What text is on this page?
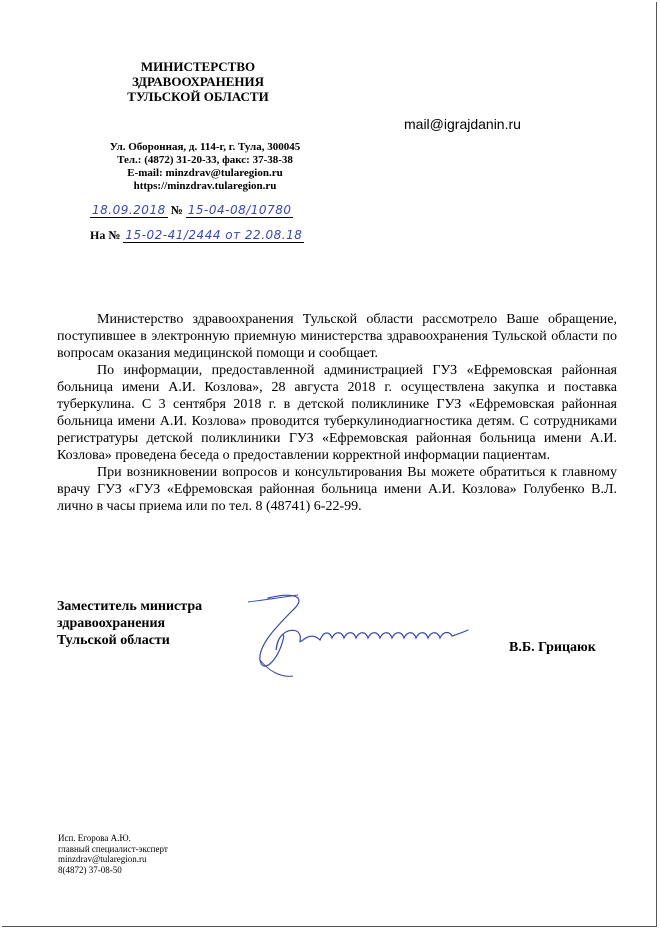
МИНИСТЕРСТВО
ЗДРАВООХРАНЕНИЯ
ТУЛЬСКОЙ ОБЛАСТИ
Ул. Оборонная, д. 114-г, г. Тула, 300045
Тел.: (4872) 31-20-33, факс: 37-38-38
E-mail: minzdrav@tularegion.ru
https://minzdrav.tularegion.ru
mail@igrajdanin.ru
18.09.2018 № 15-04-08/10780
На № 15-02-41/2444 от 22.08.18

Министерство здравоохранения Тульской области рассмотрело Ваше обращение, поступившее в электронную приемную министерства здравоохранения Тульской области по вопросам оказания медицинской помощи и сообщает.

По информации, предоставленной администрацией ГУЗ «Ефремовская районная больница имени А.И. Козлова», 28 августа 2018 г. осуществлена закупка и поставка туберкулина. С 3 сентября 2018 г. в детской поликлинике ГУЗ «Ефремовская районная больница имени А.И. Козлова» проводится туберкулинодиагностика детям. С сотрудниками регистратуры детской поликлиники ГУЗ «Ефремовская районная больница имени А.И. Козлова» проведена беседа о предоставлении корректной информации пациентам.

При возникновении вопросов и консультирования Вы можете обратиться к главному врачу ГУЗ «ГУЗ «Ефремовская районная больница имени А.И. Козлова» Голубенко В.Л. лично в часы приема или по тел. 8 (48741) 6-22-99.

Заместитель министра
здравоохранения
Тульской области	В.Б. Грицаюк
Исп. Егорова А.Ю.
главный специалист-эксперт
minzdrav@tularegion.ru
8(4872) 37-08-50
